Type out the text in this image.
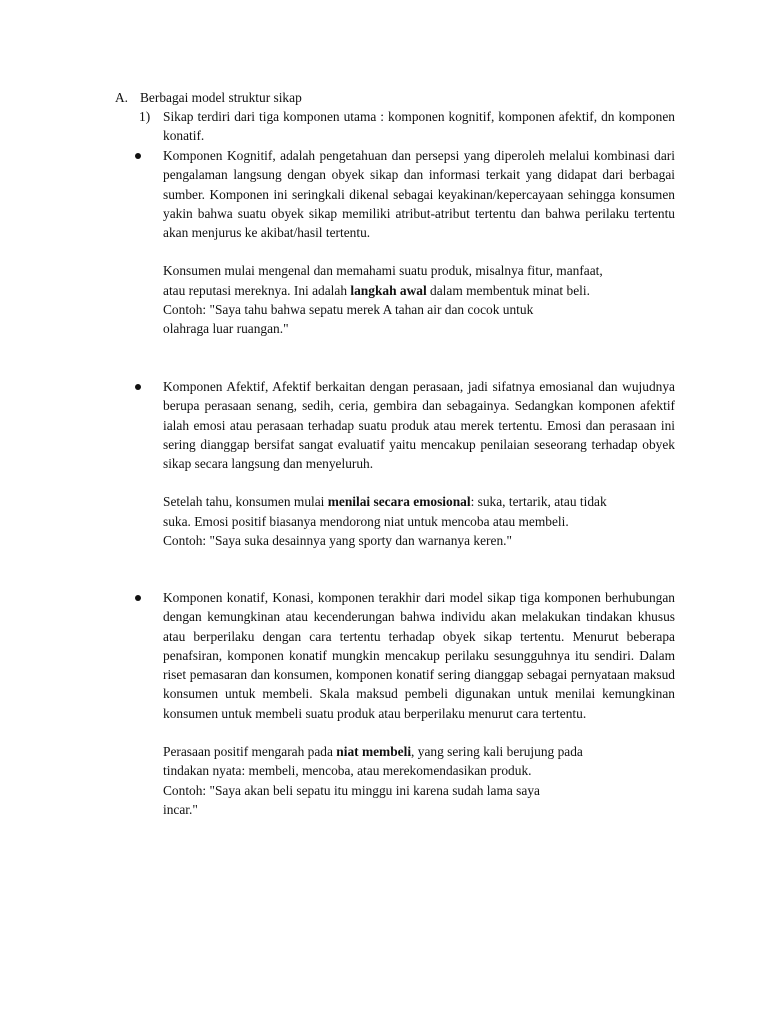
A. Berbagai model struktur sikap
1) Sikap terdiri dari tiga komponen utama : komponen kognitif, komponen afektif, dn komponen konatif.
Komponen Kognitif, adalah pengetahuan dan persepsi yang diperoleh melalui kombinasi dari pengalaman langsung dengan obyek sikap dan informasi terkait yang didapat dari berbagai sumber. Komponen ini seringkali dikenal sebagai keyakinan/kepercayaan sehingga konsumen yakin bahwa suatu obyek sikap memiliki atribut-atribut tertentu dan bahwa perilaku tertentu akan menjurus ke akibat/hasil tertentu.
Konsumen mulai mengenal dan memahami suatu produk, misalnya fitur, manfaat,
atau reputasi mereknya. Ini adalah langkah awal dalam membentuk minat beli.
Contoh: "Saya tahu bahwa sepatu merek A tahan air dan cocok untuk
olahraga luar ruangan."
Komponen Afektif, Afektif berkaitan dengan perasaan, jadi sifatnya emosianal dan wujudnya berupa perasaan senang, sedih, ceria, gembira dan sebagainya. Sedangkan komponen afektif ialah emosi atau perasaan terhadap suatu produk atau merek tertentu. Emosi dan perasaan ini sering dianggap bersifat sangat evaluatif yaitu mencakup penilaian seseorang terhadap obyek sikap secara langsung dan menyeluruh.
Setelah tahu, konsumen mulai menilai secara emosional: suka, tertarik, atau tidak
suka. Emosi positif biasanya mendorong niat untuk mencoba atau membeli.
Contoh: "Saya suka desainnya yang sporty dan warnanya keren."
Komponen konatif, Konasi, komponen terakhir dari model sikap tiga komponen berhubungan dengan kemungkinan atau kecenderungan bahwa individu akan melakukan tindakan khusus atau berperilaku dengan cara tertentu terhadap obyek sikap tertentu. Menurut beberapa penafsiran, komponen konatif mungkin mencakup perilaku sesungguhnya itu sendiri. Dalam riset pemasaran dan konsumen, komponen konatif sering dianggap sebagai pernyataan maksud konsumen untuk membeli. Skala maksud pembeli digunakan untuk menilai kemungkinan konsumen untuk membeli suatu produk atau berperilaku menurut cara tertentu.
Perasaan positif mengarah pada niat membeli, yang sering kali berujung pada
tindakan nyata: membeli, mencoba, atau merekomendasikan produk.
Contoh: "Saya akan beli sepatu itu minggu ini karena sudah lama saya
incar."
